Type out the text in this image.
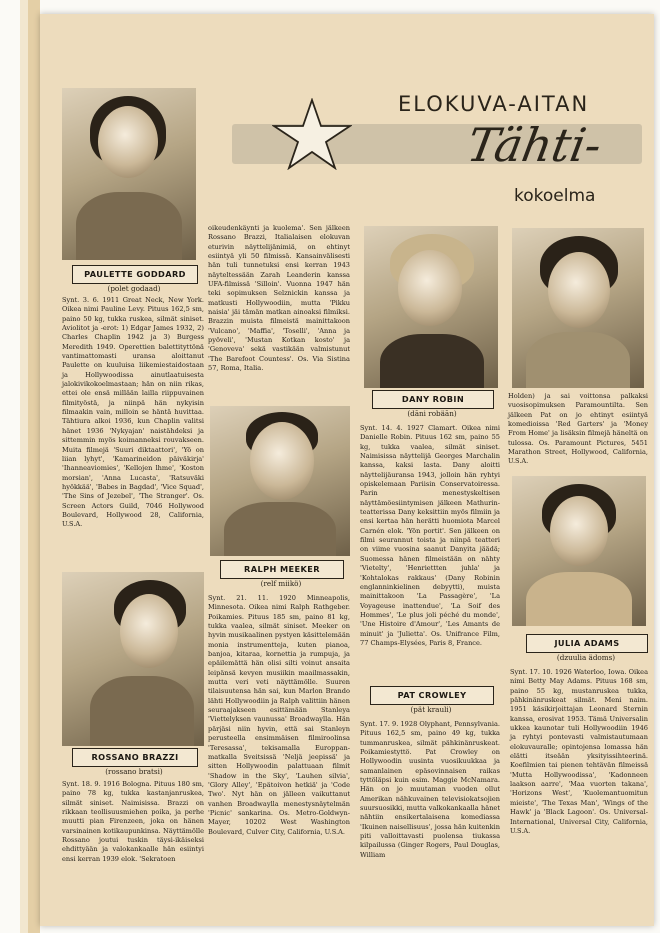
ELOKUVA-AITAN
Tähti-
kokoelma
PAULETTE GODDARD
(polet godaad)

Synt. 3. 6. 1911 Great Neck, New York. Oikea nimi Pauline Levy. Pituus 162,5 sm, paino 50 kg, tukka ruskea, silmät siniset. Aviolitot ja -erot: 1) Edgar James 1932, 2) Charles Chaplin 1942 ja 3) Burgess Meredith 1949. Operettien balettityttönä vantimattomasti uransa aloittanut Paulette on kuuluisa liikemiestaidostaan ja Hollywoodissa ainutlaatuisesta jalokivikokoelmastaan; hän on niin rikas, ettei ole ensä millään lailla riippuvainen filmityöstä, ja niinpä hän nykyisin filmaakin vain, milloin se häntä huvittaa. Tähtiura alkoi 1936, kun Chaplin valitsi hänet 1936 'Nykyajan' naistähdeksi ja sittemmin myös koimanneksi rouvakseen. Muita filmejä 'Suuri diktaattori', 'Yö on liian lyhyt', 'Kamarineidon päiväkirja' 'Ihanneaviomies', 'Kellojen lhme', 'Koston morsian', 'Anna Lucasta', 'Ratsuväki hyökkää', 'Babes in Bagdad', 'Vice Squad', 'The Sins of Jezebel', 'The Stranger'. Os. Screen Actors Guild, 7046 Hollywood Boulevard, Hollywood 28, California, U.S.A.

ROSSANO BRAZZI
(rossano bratsi)

Synt. 18. 9. 1916 Bologna. Pituus 180 sm, paino 78 kg, tukka kastanjanruskea, silmät siniset. Naimisissa. Brazzi on rikkaan teollisuusmiehen poika, ja perhe muutti pian Firenzeen, joka on hänen varsinainen kotikaupunkinsa. Näyttämölle Rossano joutui tuskin täysi-ikäiseksi ehdittyään ja valokankaalle hän esiintyi ensi kerran 1939 elok. 'Sekratoen

oikeudenkäynti ja kuolema'. Sen jälkeen Rossano Brazzi, Italialaisen elokuvan eturivin näyttelijänimiä, on ehtinyt esiintyä yli 50 filmissä. Kansainvälisesti hän tuli tunnetuksi ensi kerran 1943 näyteltessään Zarah Leanderin kanssa UFA-filmissä 'Silloin'. Vuonna 1947 hän teki sopimuksen Selznickin kanssa ja matkusti Hollywoodiin, mutta 'Pikku naisia' jäi tämän matkan ainoaksi filmiksi. Brazzin muista filmeistä mainittakoon 'Vulcano', 'Maffia', 'Toselli', 'Anna ja pyöveli', 'Mustan Kotkan kosto' ja 'Genoveva' sekä vastikään valmistunut 'The Barefoot Countess'. Os. Via Sistina 57, Roma, Italia.

RALPH MEEKER
(relf miikö)

Synt. 21. 11. 1920 Minneapolis, Minnesota. Oikea nimi Ralph Rathgeber. Poikamies. Pituus 185 sm, paino 81 kg, tukka vaalea, silmät siniset. Meeker on hyvin musikaalinen pystyen käsittelemään monia instrumentteja, kuten pianoa, banjoa, kitaraa, kornettia ja rumpuja, ja epäilemättä hän olisi silti voinut ansaita leipänsä kevyen musiikin maailmassakin, mutta veri veti näyttämölle. Suuren tilaisuutensa hän sai, kun Marlon Brando lähti Hollywoodiin ja Ralph valittiin hänen seuraajakseen esittämään Stanleya 'Viettelyksen vaunussa' Broadwaylla. Hän pärjäsi niin hyvin, että sai Stanleyn perusteella ensimmäisen filmiroolinsa 'Teresassa', tekisamalla Europpan-matkalla Sveitsissä 'Neljä jeepissä' ja sitten Hollywoodin palattuaan filmit 'Shadow in the Sky', 'Lauhen silvia', 'Glory Alley', 'Epätoivon hetkiä' ja 'Code Two'. Nyt hän on jälleen vaikuttanut vanhen Broadwaylla menestysnäytelmän 'Picnic' sankarina. Os. Metro-Goldwyn-Mayer, 10202 West Washington Boulevard, Culver City, California, U.S.A.

DANY ROBIN
(dāni robäān)

Synt. 14. 4. 1927 Clamart. Oikea nimi Danielle Robin. Pituus 162 sm, paino 55 kg, tukka vaalea, silmät siniset. Naimisissa näyttelijä Georges Marchalin kanssa, kaksi lasta. Dany aloitti näyttelijäuransa 1943, jolloin hän ryhtyi opiskelemaan Pariisin Conservatoiressa. Parin menestyskeltisen näyttämöesiintymisen jälkeen Mathurin-teatterissa Dany keksittiin myös filmiin ja ensi kertaa hän herätti huomiota Marcel Carnén elok. 'Yön portit'. Sen jälkeen on filmi seurannut toista ja niinpä teatteri on viime vuosina saanut Danyita jäädä; Suomessa hänen filmeistään on nähty 'Vietelty', 'Henriettten juhla' ja 'Kohtalokas rakkaus' (Dany Robinin englanninkielinen debyytti), muista mainittakoon 'La Passagère', 'La Voyageuse inattendue', 'La Soif des Hommes', 'Le plus joli péché du monde', 'Une Histoire d'Amour', 'Les Amants de minuit' ja 'Julietta'. Os. Unifrance Film, 77 Champs-Elysées, Paris 8, France.

PAT CROWLEY
(pät krauli)

Synt. 17. 9. 1928 Olyphant, Pennsylvania. Pituus 162,5 sm, paino 49 kg, tukka tummanruskea, silmät pähkinänruskeat. Poikamiestyttö. Pat Crowley on Hollywoodin uusinta vuosikuukkaa ja samanlainen epäsovinnaisen raikas tyttöläpsi kuin esim. Maggie McNamara. Hän on jo muutaman vuoden ollut Amerikan nähkuvainen televisiokatsojien suursuosikki, mutta valkokankaalla hänet nähtiin ensikertalaisena komediassa 'Ikuinen naisellisuus', jossa hän kuitenkin piti valloittavasti puolensa tiukassa kilpailussa (Ginger Rogers, Paul Douglas, William

Holden) ja sai voittonsa palkaksi vuosisopimuksen Paramountilta. Sen jälkeen Pat on jo ehtinyt esiintyä komedioissa 'Red Garters' ja 'Money From Home' ja lisäksin filmejä häneltä on tulossa. Os. Paramount Pictures, 5451 Marathon Street, Hollywood, California, U.S.A.

JULIA ADAMS
(dzuulia ädoms)

Synt. 17. 10. 1926 Waterloo, Iowa. Oikea nimi Betty May Adams. Pituus 168 sm, paino 55 kg, mustanruskea tukka, pähkinänruskeat silmät. Meni naim. 1951 käsikirjoittajan Leonard Sternin kanssa, erosivat 1953. Tämä Universalin ukkea kaunotar tuli Hollywoodiin 1946 ja ryhtyi pontevasti valmistautumaan elokuvauralle; opintojensa lomassa hän elätti itseään yksityissihteerinä. Koefilmien tai pienen tehtävän filmeissä 'Mutta Hollywoodissa', 'Kadonneen laakson aarre', 'Maa vuorten takana', 'Horizons West', 'Kuolemantuomitun mieiste', 'The Texas Man', 'Wings of the Hawk' ja 'Black Lagoon'. Os. Universal-International, Universal City, California, U.S.A.
